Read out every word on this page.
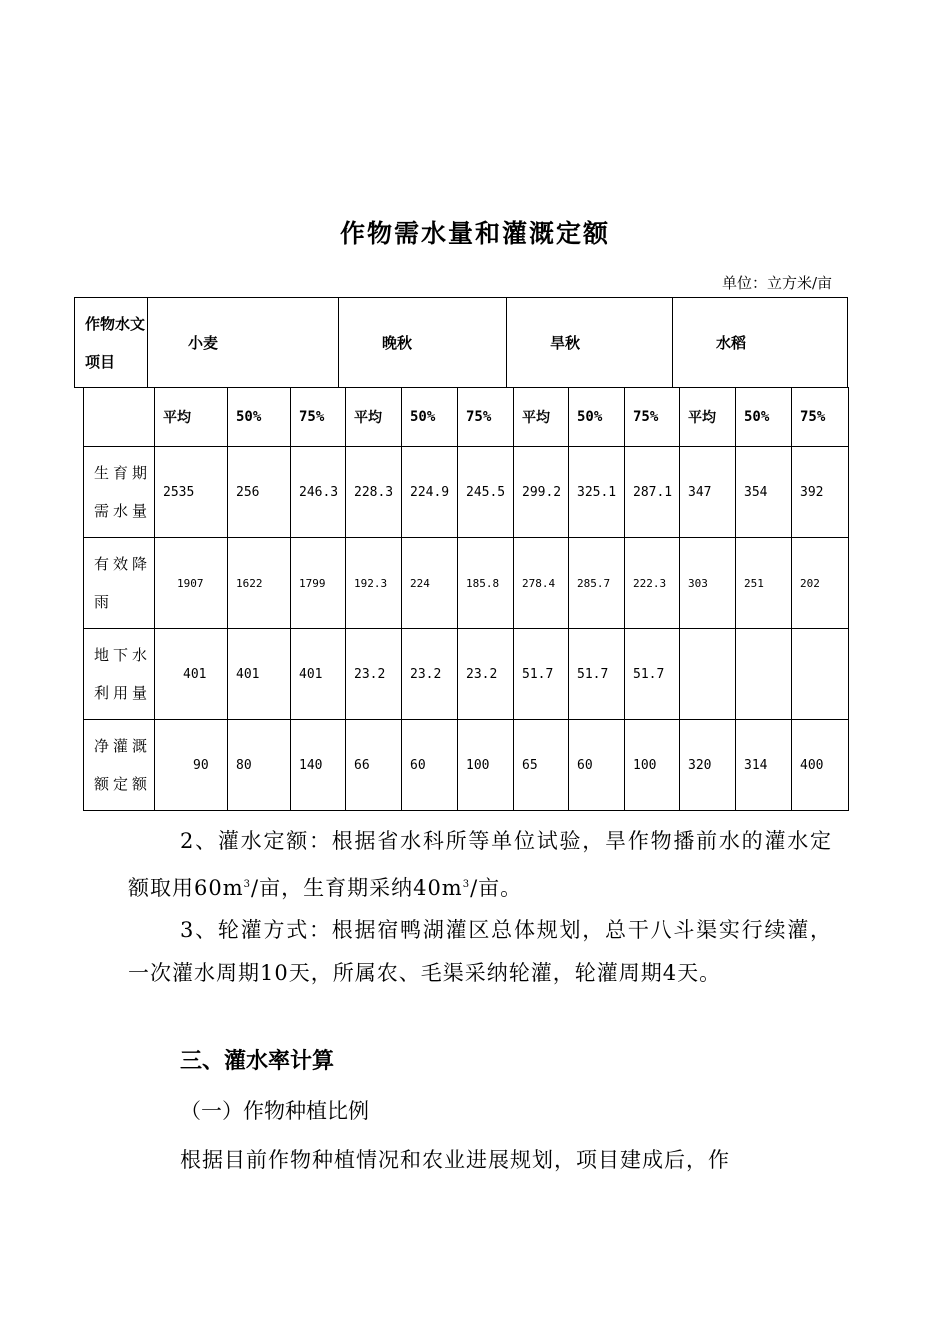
作物需水量和灌溉定额
单位：立方米/亩
作物水文项目	小麦	晚秋	旱秋	水稻
	平均	50%	75%	平均	50%	75%	平均	50%	75%	平均	50%	75%
生育期需水量	2535	256	246.3	228.3	224.9	245.5	299.2	325.1	287.1	347	354	392
有效降雨	1907	1622	1799	192.3	224	185.8	278.4	285.7	222.3	303	251	202
地下水利用量	401	401	401	23.2	23.2	23.2	51.7	51.7	51.7			
净灌溉额定额	90	80	140	66	60	100	65	60	100	320	314	400
2、灌水定额：根据省水科所等单位试验，旱作物播前水的灌水定额取用$60m^3/$亩，生育期采纳$40m^3/$亩。
3、轮灌方式：根据宿鸭湖灌区总体规划，总干八斗渠实行续灌，一次灌水周期10天，所属农、毛渠采纳轮灌，轮灌周期4天。
三、灌水率计算
（一）作物种植比例
根据目前作物种植情况和农业进展规划，项目建成后，作
